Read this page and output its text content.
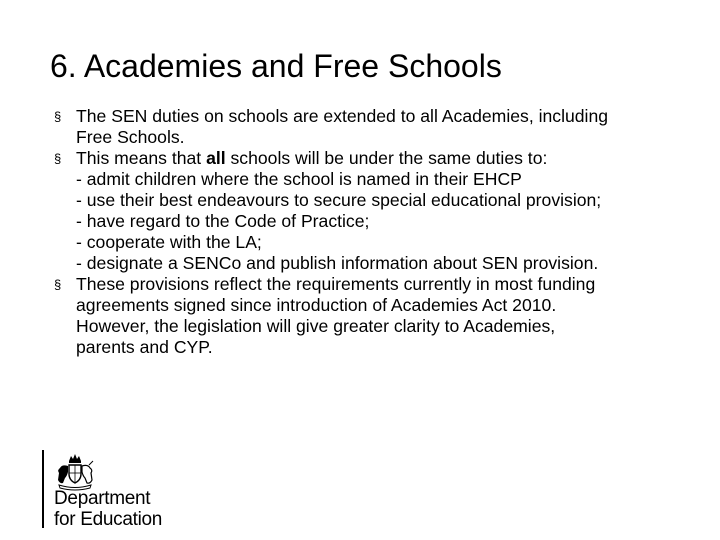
6. Academies and Free Schools
§ The SEN duties on schools are extended to all Academies, including
Free Schools.
§ This means that all schools will be under the same duties to:
- admit children where the school is named in their EHCP
- use their best endeavours to secure special educational provision;
- have regard to the Code of Practice;
- cooperate with the LA;
- designate a SENCo and publish information about SEN provision.
§ These provisions reflect the requirements currently in most funding
agreements signed since introduction of Academies Act 2010.
However, the legislation will give greater clarity to Academies,
parents and CYP.
Department
for Education
